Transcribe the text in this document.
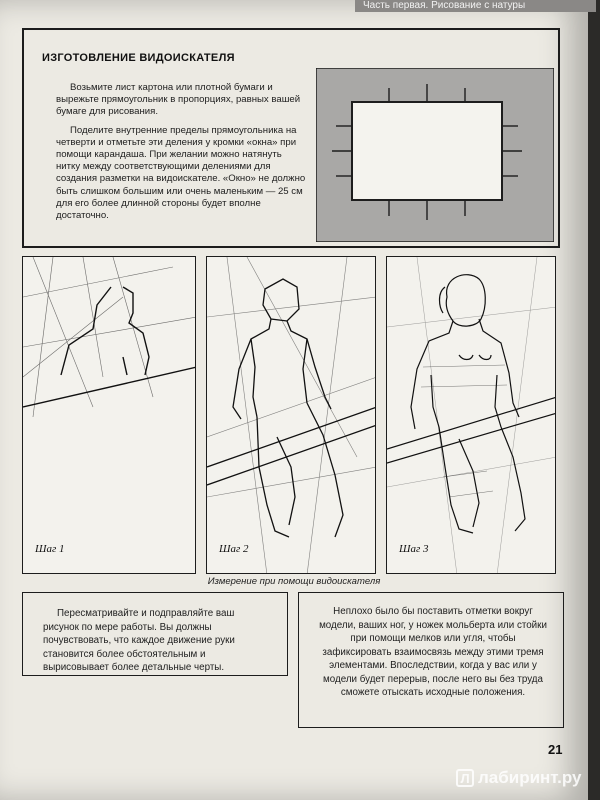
Часть первая. Рисование с натуры
ИЗГОТОВЛЕНИЕ ВИДОИСКАТЕЛЯ

Возьмите лист картона или плотной бумаги и вырежьте прямоугольник в пропорциях, равных вашей бумаге для рисования.

Поделите внутренние пределы прямоугольника на четверти и отметьте эти деления у кромки «окна» при помощи карандаша. При желании можно натянуть нитку между соответствующими делениями для создания разметки на видоискателе. «Окно» не должно быть слишком большим или очень маленьким — 25 см для его более длинной стороны будет вполне достаточно.

Шаг 1	Шаг 2	Шаг 3
Измерение при помощи видоискателя

Пересматривайте и подправляйте ваш рисунок по мере работы. Вы должны почувствовать, что каждое движение руки становится более обстоятельным и вырисовывает более детальные черты.

Неплохо было бы поставить отметки вокруг модели, ваших ног, у ножек мольберта или стойки при помощи мелков или угля, чтобы зафиксировать взаимосвязь между этими тремя элементами. Впоследствии, когда у вас или у модели будет перерыв, после него вы без труда сможете отыскать исходные положения.

21
Л лабиринт.ру
